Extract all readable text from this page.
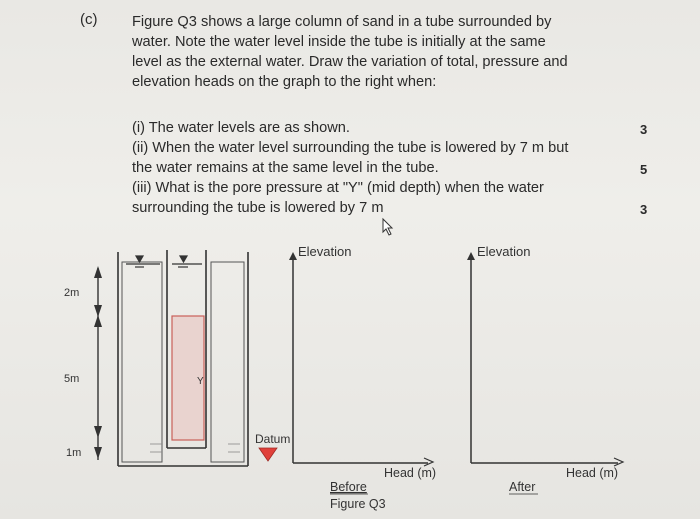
(c) Figure Q3 shows a large column of sand in a tube surrounded by
water. Note the water level inside the tube is initially at the same
level as the external water. Draw the variation of total, pressure and
elevation heads on the graph to the right when:
(i) The water levels are as shown.
(ii) When the water level surrounding the tube is lowered by 7 m but
the water remains at the same level in the tube.
(iii) What is the pore pressure at "Y" (mid depth) when the water
surrounding the tube is lowered by 7 m
3
5
3
2m
5m
1m
Y
Datum
Elevation
Head (m)
Before
Figure Q3
Elevation
Head (m)
After
